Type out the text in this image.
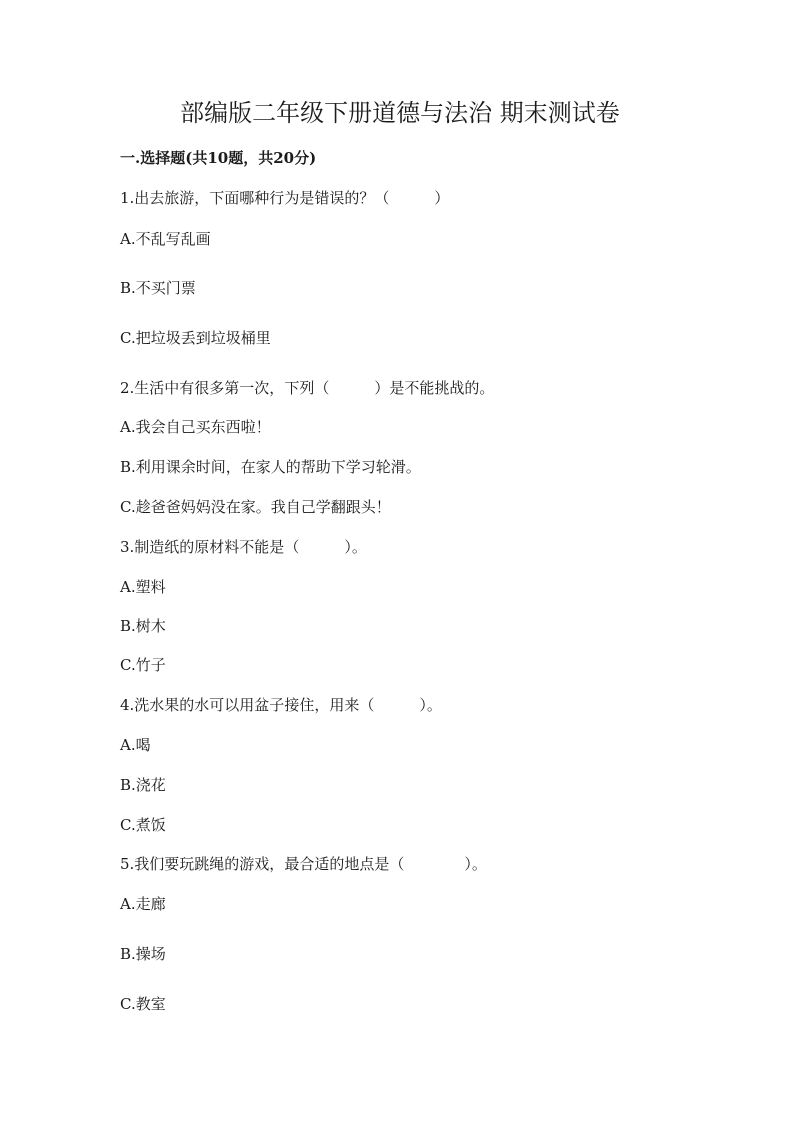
部编版二年级下册道德与法治 期末测试卷
一.选择题(共10题，共20分)
1.出去旅游，下面哪种行为是错误的？（　　　）
A.不乱写乱画
B.不买门票
C.把垃圾丢到垃圾桶里
2.生活中有很多第一次，下列（　　　）是不能挑战的。
A.我会自己买东西啦！
B.利用课余时间，在家人的帮助下学习轮滑。
C.趁爸爸妈妈没在家。我自己学翻跟头！
3.制造纸的原材料不能是（　　　）。
A.塑料
B.树木
C.竹子
4.洗水果的水可以用盆子接住，用来（　　　）。
A.喝
B.浇花
C.煮饭
5.我们要玩跳绳的游戏，最合适的地点是（　　　　）。
A.走廊
B.操场
C.教室
